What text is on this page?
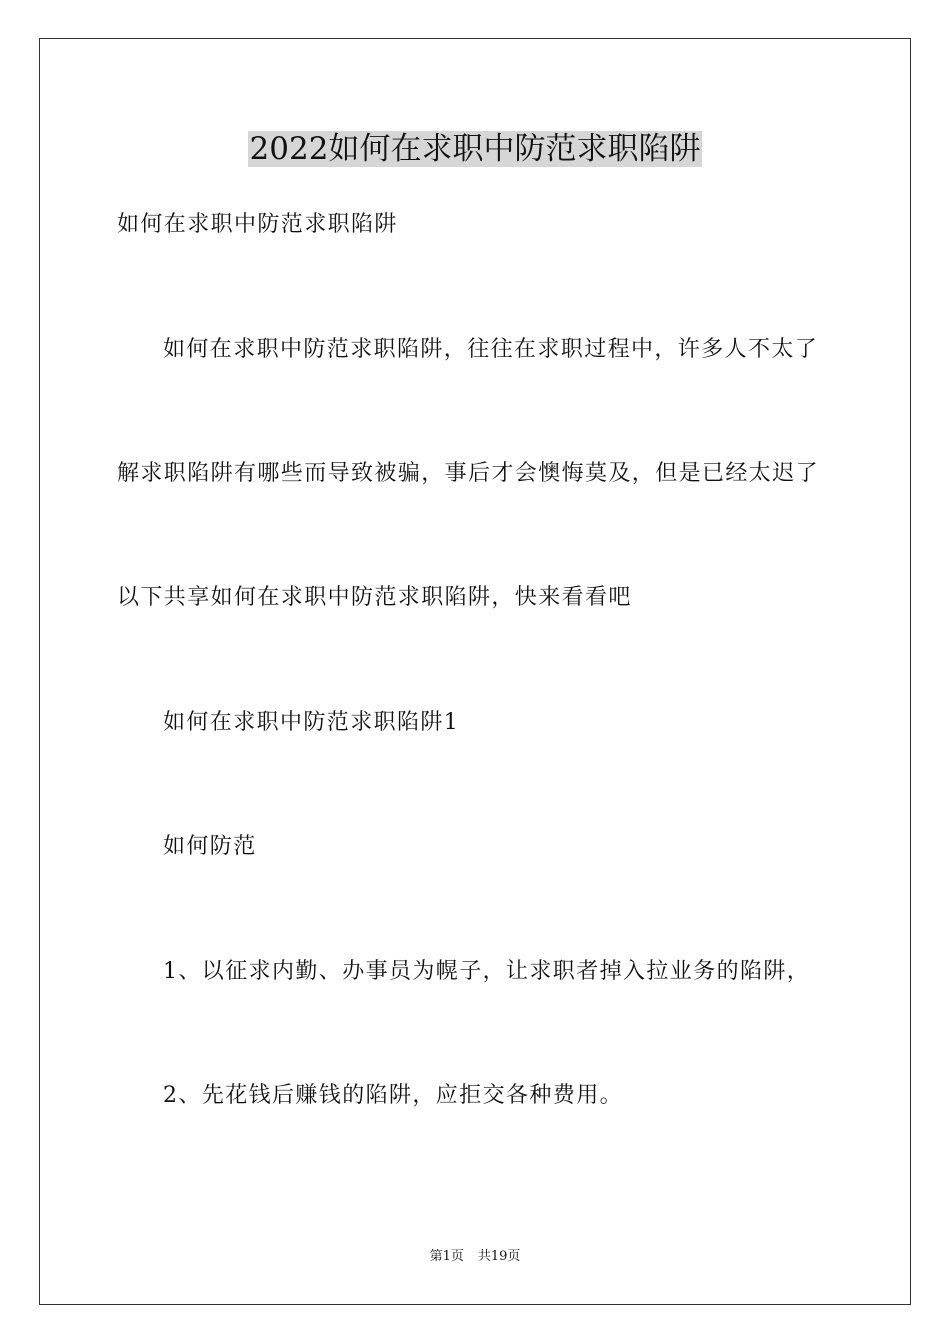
2022如何在求职中防范求职陷阱
如何在求职中防范求职陷阱
如何在求职中防范求职陷阱，往往在求职过程中，许多人不太了
解求职陷阱有哪些而导致被骗，事后才会懊悔莫及，但是已经太迟了
以下共享如何在求职中防范求职陷阱，快来看看吧
如何在求职中防范求职陷阱1
如何防范
1、以征求内勤、办事员为幌子，让求职者掉入拉业务的陷阱，
2、先花钱后赚钱的陷阱，应拒交各种费用。
第1页 共19页
